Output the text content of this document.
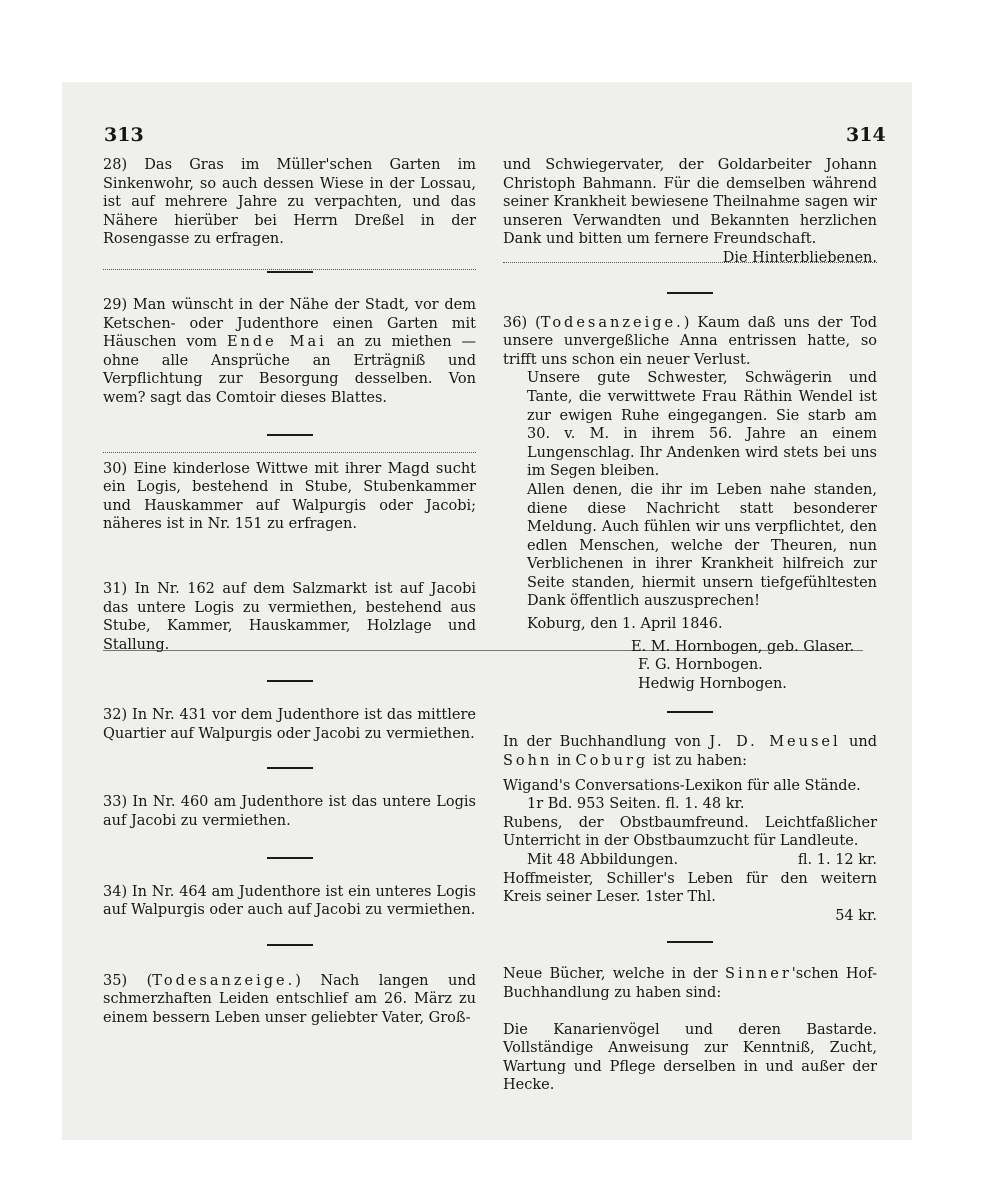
313	314

28) Das Gras im Müller'schen Garten im Sinkenwohr, so auch dessen Wiese in der Lossau, ist auf mehrere Jahre zu verpachten, und das Nähere hierüber bei Herrn Dreßel in der Rosengasse zu erfragen.

29) Man wünscht in der Nähe der Stadt, vor dem Ketschen- oder Judenthore einen Garten mit Häuschen vom Ende Mai an zu miethen — ohne alle Ansprüche an Erträgniß und Verpflichtung zur Besorgung desselben. Von wem? sagt das Comtoir dieses Blattes.

30) Eine kinderlose Wittwe mit ihrer Magd sucht ein Logis, bestehend in Stube, Stubenkammer und Hauskammer auf Walpurgis oder Jacobi; näheres ist in Nr. 151 zu erfragen.

31) In Nr. 162 auf dem Salzmarkt ist auf Jacobi das untere Logis zu vermiethen, bestehend aus Stube, Kammer, Hauskammer, Holzlage und Stallung.

32) In Nr. 431 vor dem Judenthore ist das mittlere Quartier auf Walpurgis oder Jacobi zu vermiethen.

33) In Nr. 460 am Judenthore ist das untere Logis auf Jacobi zu vermiethen.

34) In Nr. 464 am Judenthore ist ein unteres Logis auf Walpurgis oder auch auf Jacobi zu vermiethen.

35) (Todesanzeige.) Nach langen und schmerzhaften Leiden entschlief am 26. März zu einem bessern Leben unser geliebter Vater, Groß-

und Schwiegervater, der Goldarbeiter Johann Christoph Bahmann. Für die demselben während seiner Krankheit bewiesene Theilnahme sagen wir unseren Verwandten und Bekannten herzlichen Dank und bitten um fernere Freundschaft.

Die Hinterbliebenen.

36) (Todesanzeige.) Kaum daß uns der Tod unsere unvergeßliche Anna entrissen hatte, so trifft uns schon ein neuer Verlust.

Unsere gute Schwester, Schwägerin und Tante, die verwittwete Frau Räthin Wendel ist zur ewigen Ruhe eingegangen. Sie starb am 30. v. M. in ihrem 56. Jahre an einem Lungenschlag. Ihr Andenken wird stets bei uns im Segen bleiben.

Allen denen, die ihr im Leben nahe standen, diene diese Nachricht statt besonderer Meldung. Auch fühlen wir uns verpflichtet, den edlen Menschen, welche der Theuren, nun Verblichenen in ihrer Krankheit hilfreich zur Seite standen, hiermit unsern tiefgefühltesten Dank öffentlich auszusprechen!

Koburg, den 1. April 1846.

E. M. Hornbogen, geb. Glaser.

F. G. Hornbogen.

Hedwig Hornbogen.

In der Buchhandlung von J. D. Meusel und Sohn in Coburg ist zu haben:

Wigand's Conversations-Lexikon für alle Stände.

1r Bd. 953 Seiten. fl. 1. 48 kr.

Rubens, der Obstbaumfreund. Leichtfaßlicher Unterricht in der Obstbaumzucht für Landleute.

Mit 48 Abbildungen.	fl. 1. 12 kr.

Hoffmeister, Schiller's Leben für den weitern Kreis seiner Leser. 1ster Thl.

54 kr.

Neue Bücher, welche in der Sinner'schen Hof-Buchhandlung zu haben sind:

Die Kanarienvögel und deren Bastarde. Vollständige Anweisung zur Kenntniß, Zucht, Wartung und Pflege derselben in und außer der Hecke.
